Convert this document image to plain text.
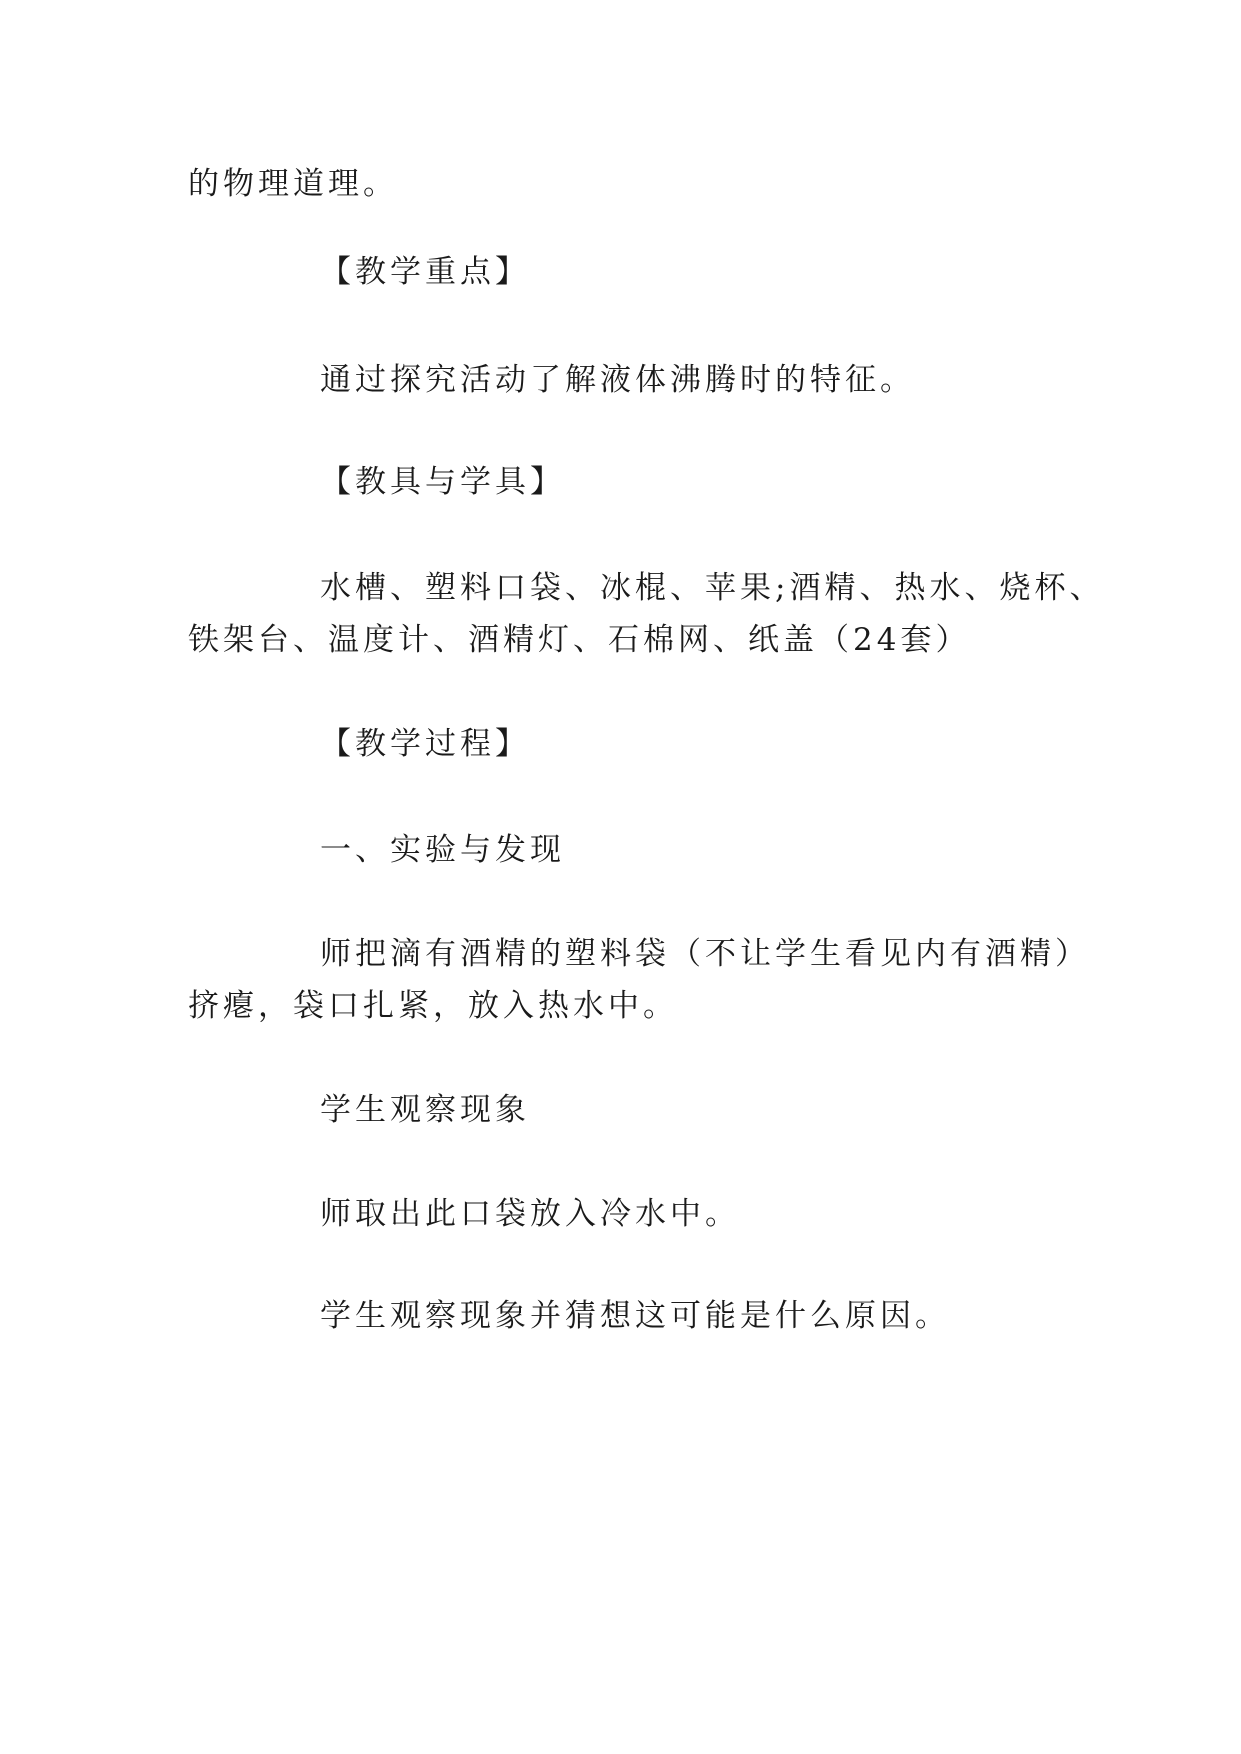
的物理道理。

【教学重点】

通过探究活动了解液体沸腾时的特征。

【教具与学具】

水槽、塑料口袋、冰棍、苹果;酒精、热水、烧杯、

铁架台、温度计、酒精灯、石棉网、纸盖（24套）

【教学过程】

一、实验与发现

师把滴有酒精的塑料袋（不让学生看见内有酒精）

挤瘪，袋口扎紧，放入热水中。

学生观察现象

师取出此口袋放入冷水中。

学生观察现象并猜想这可能是什么原因。
